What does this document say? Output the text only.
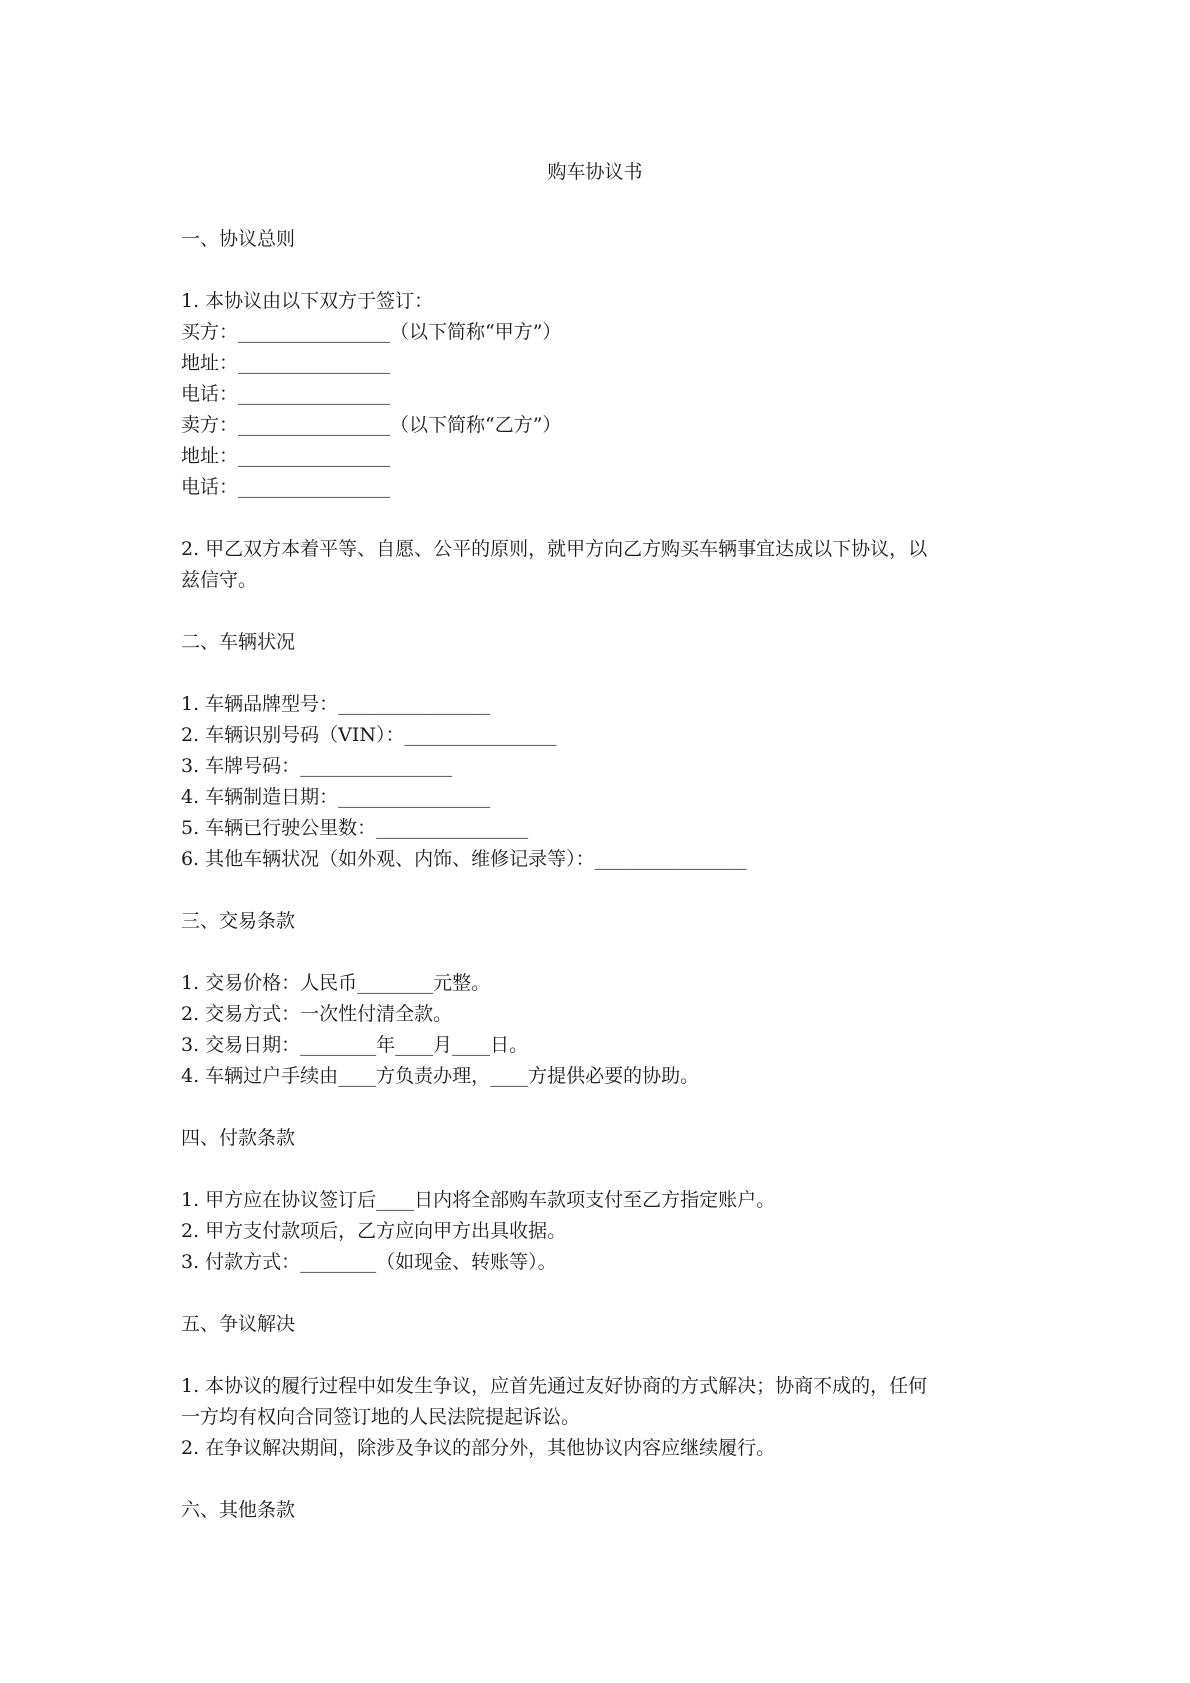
购车协议书

一、协议总则

1. 本协议由以下双方于签订：

买方：________________（以下简称“甲方”）

地址：________________

电话：________________

卖方：________________（以下简称“乙方”）

地址：________________

电话：________________

2. 甲乙双方本着平等、自愿、公平的原则，就甲方向乙方购买车辆事宜达成以下协议，以

兹信守。

二、车辆状况

1. 车辆品牌型号：________________

2. 车辆识别号码（VIN）：________________

3. 车牌号码：________________

4. 车辆制造日期：________________

5. 车辆已行驶公里数：________________

6. 其他车辆状况（如外观、内饰、维修记录等）：________________

三、交易条款

1. 交易价格：人民币________元整。

2. 交易方式：一次性付清全款。

3. 交易日期：________年____月____日。

4. 车辆过户手续由____方负责办理，____方提供必要的协助。

四、付款条款

1. 甲方应在协议签订后____日内将全部购车款项支付至乙方指定账户。

2. 甲方支付款项后，乙方应向甲方出具收据。

3. 付款方式：________（如现金、转账等）。

五、争议解决

1. 本协议的履行过程中如发生争议，应首先通过友好协商的方式解决；协商不成的，任何

一方均有权向合同签订地的人民法院提起诉讼。

2. 在争议解决期间，除涉及争议的部分外，其他协议内容应继续履行。

六、其他条款
